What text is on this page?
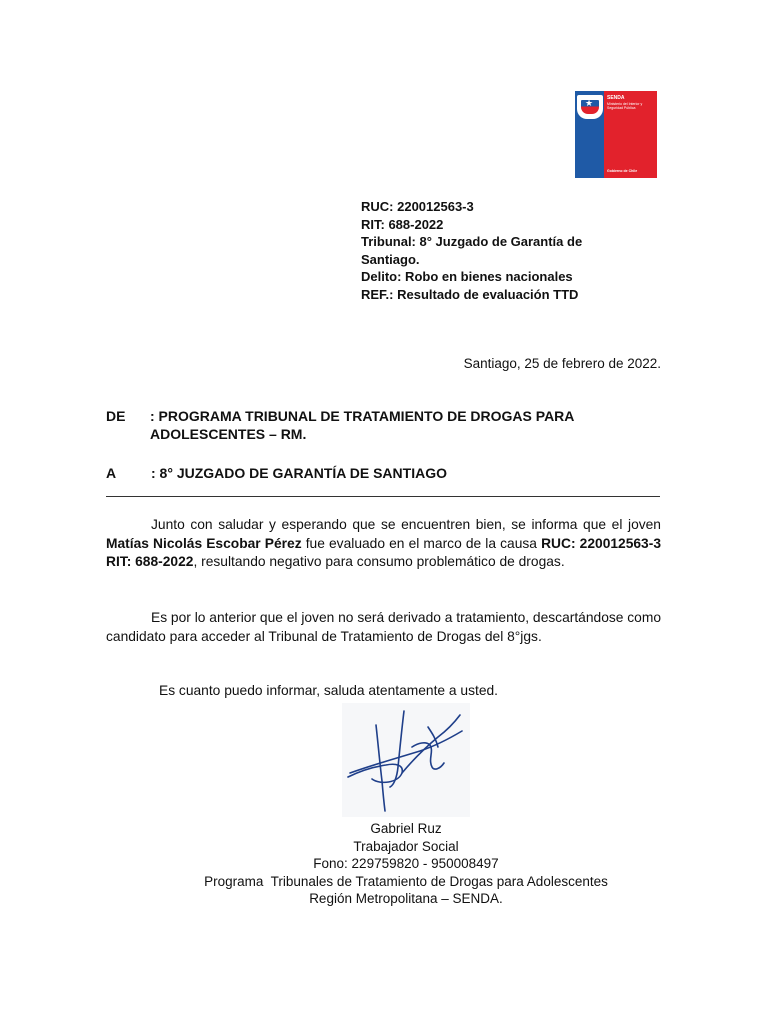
★	SENDA
Ministerio del Interior y Seguridad Pública
Gobierno de Chile
RUC: 220012563-3
RIT: 688-2022
Tribunal: 8° Juzgado de Garantía de
Santiago.
Delito: Robo en bienes nacionales
REF.: Resultado de evaluación TTD
Santiago, 25 de febrero de 2022.
DE : PROGRAMA TRIBUNAL DE TRATAMIENTO DE DROGAS PARA ADOLESCENTES – RM.
A : 8° JUZGADO DE GARANTÍA DE SANTIAGO
Junto con saludar y esperando que se encuentren bien, se informa que el joven Matías Nicolás Escobar Pérez fue evaluado en el marco de la causa RUC: 220012563-3 RIT: 688-2022, resultando negativo para consumo problemático de drogas.
Es por lo anterior que el joven no será derivado a tratamiento, descartándose como candidato para acceder al Tribunal de Tratamiento de Drogas del 8°jgs.
Es cuanto puedo informar, saluda atentamente a usted.
Gabriel Ruz
Trabajador Social
Fono: 229759820 - 950008497
Programa  Tribunales de Tratamiento de Drogas para Adolescentes
Región Metropolitana – SENDA.
